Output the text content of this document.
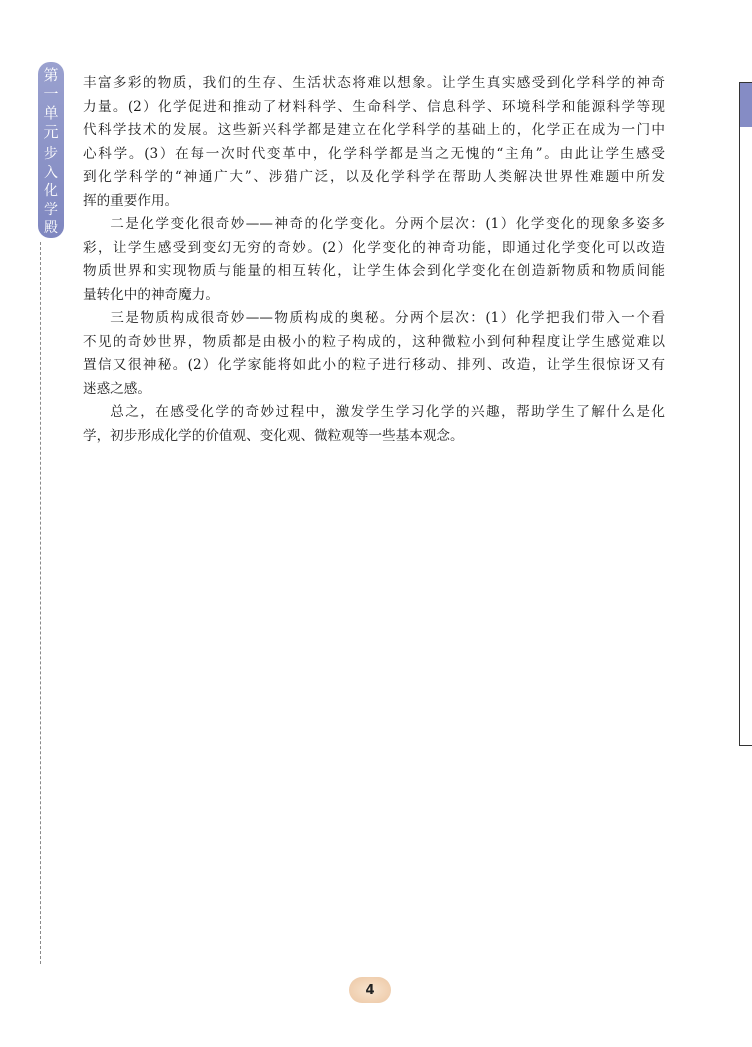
第一单元
步入化学殿堂

丰富多彩的物质，我们的生存、生活状态将难以想象。让学生真实感受到化学科学的神奇
力量。(2）化学促进和推动了材料科学、生命科学、信息科学、环境科学和能源科学等现
代科学技术的发展。这些新兴科学都是建立在化学科学的基础上的，化学正在成为一门中
心科学。(3）在每一次时代变革中，化学科学都是当之无愧的“主角”。由此让学生感受
到化学科学的“神通广大”、涉猎广泛，以及化学科学在帮助人类解决世界性难题中所发
挥的重要作用。

二是化学变化很奇妙——神奇的化学变化。分两个层次：(1）化学变化的现象多姿多
彩，让学生感受到变幻无穷的奇妙。(2）化学变化的神奇功能，即通过化学变化可以改造
物质世界和实现物质与能量的相互转化，让学生体会到化学变化在创造新物质和物质间能
量转化中的神奇魔力。

三是物质构成很奇妙——物质构成的奥秘。分两个层次：(1）化学把我们带入一个看
不见的奇妙世界，物质都是由极小的粒子构成的，这种微粒小到何种程度让学生感觉难以
置信又很神秘。(2）化学家能将如此小的粒子进行移动、排列、改造，让学生很惊讶又有
迷惑之感。

总之，在感受化学的奇妙过程中，激发学生学习化学的兴趣，帮助学生了解什么是化
学，初步形成化学的价值观、变化观、微粒观等一些基本观念。

4
